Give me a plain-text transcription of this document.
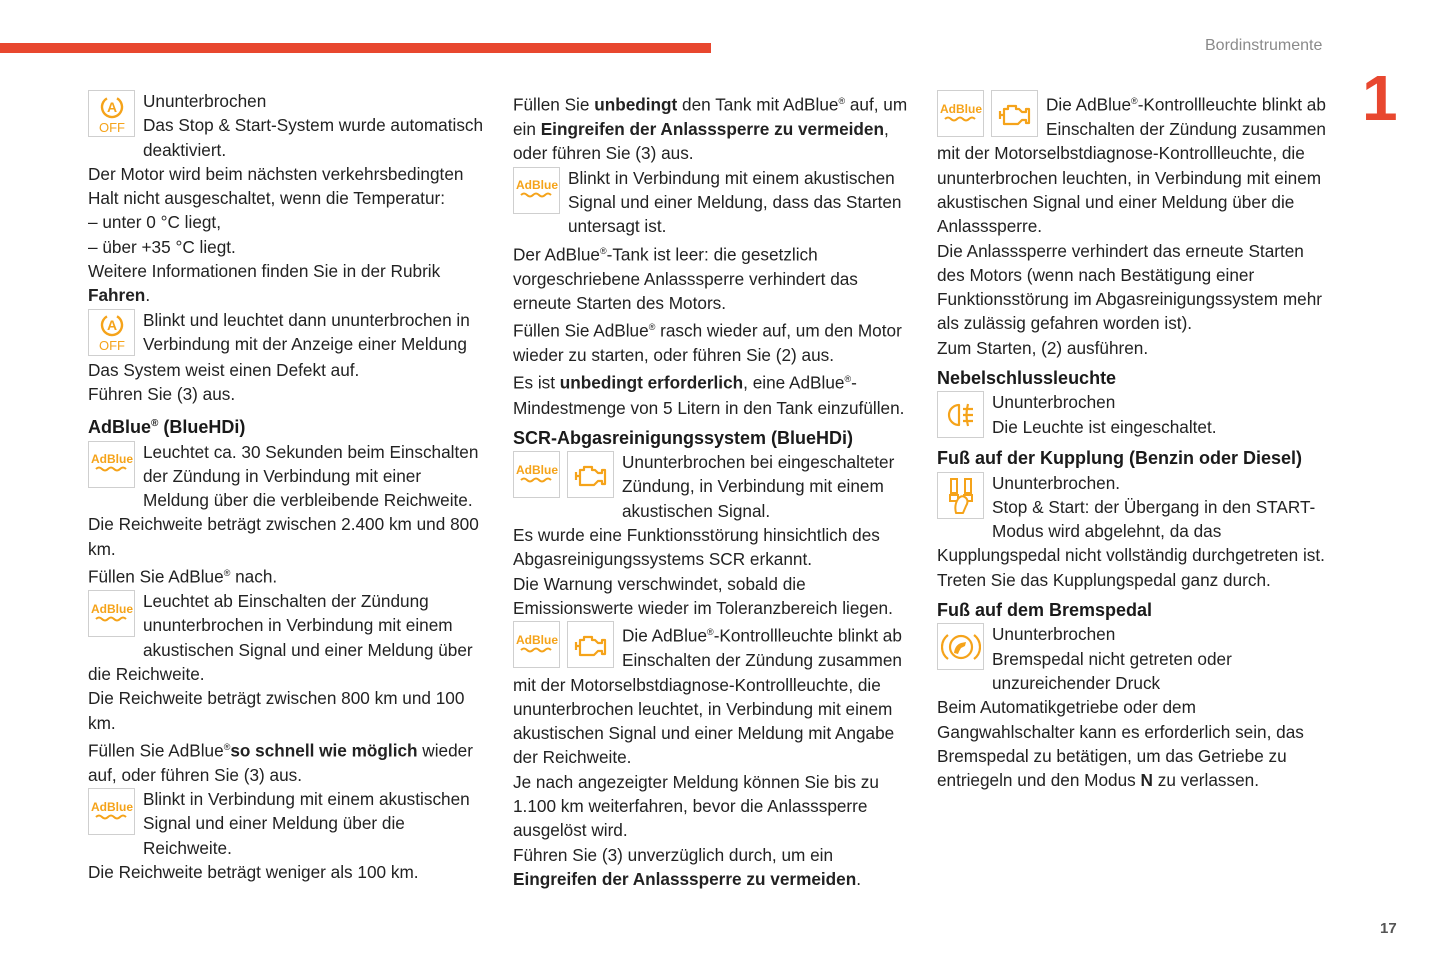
Bordinstrumente
1
17
A
OFF

Ununterbrochen

Das Stop & Start-System wurde automatisch deaktiviert.

Der Motor wird beim nächsten verkehrsbedingten Halt nicht ausgeschaltet, wenn die Temperatur:

– unter 0 °C liegt,

– über +35 °C liegt.

Weitere Informationen finden Sie in der Rubrik Fahren.

A
OFF

Blinkt und leuchtet dann ununterbrochen in Verbindung mit der Anzeige einer Meldung

Das System weist einen Defekt auf.

Führen Sie (3) aus.

AdBlue® (BlueHDi)
AdBlue Leuchtet ca. 30 Sekunden beim Einschalten der Zündung in Verbindung mit einer Meldung über die verbleibende Reichweite.

Die Reichweite beträgt zwischen 2.400 km und 800 km.

Füllen Sie AdBlue® nach.

AdBlue Leuchtet ab Einschalten der Zündung ununterbrochen in Verbindung mit einem akustischen Signal und einer Meldung über die Reichweite.

Die Reichweite beträgt zwischen 800 km und 100 km.

Füllen Sie AdBlue®so schnell wie möglich wieder auf, oder führen Sie (3) aus.

AdBlue Blinkt in Verbindung mit einem akustischen Signal und einer Meldung über die Reichweite.

Die Reichweite beträgt weniger als 100 km.

Füllen Sie unbedingt den Tank mit AdBlue® auf, um ein Eingreifen der Anlasssperre zu vermeiden, oder führen Sie (3) aus.

AdBlue Blinkt in Verbindung mit einem akustischen Signal und einer Meldung, dass das Starten untersagt ist.

Der AdBlue®-Tank ist leer: die gesetzlich vorgeschriebene Anlasssperre verhindert das erneute Starten des Motors.

Füllen Sie AdBlue® rasch wieder auf, um den Motor wieder zu starten, oder führen Sie (2) aus.

Es ist unbedingt erforderlich, eine AdBlue®-Mindestmenge von 5 Litern in den Tank einzufüllen.

SCR-Abgasreinigungssystem (BlueHDi)
AdBlue	Ununterbrochen bei eingeschalteter Zündung, in Verbindung mit einem akustischen Signal.

Es wurde eine Funktionsstörung hinsichtlich des Abgasreinigungssystems SCR erkannt.

Die Warnung verschwindet, sobald die Emissionswerte wieder im Toleranzbereich liegen.

AdBlue	Die AdBlue®-Kontrollleuchte blinkt ab Einschalten der Zündung zusammen mit der Motorselbstdiagnose-Kontrollleuchte, die ununterbrochen leuchtet, in Verbindung mit einem akustischen Signal und einer Meldung mit Angabe der Reichweite.

Je nach angezeigter Meldung können Sie bis zu 1.100 km weiterfahren, bevor die Anlasssperre ausgelöst wird.

Führen Sie (3) unverzüglich durch, um ein Eingreifen der Anlasssperre zu vermeiden.

AdBlue	Die AdBlue®-Kontrollleuchte blinkt ab Einschalten der Zündung zusammen mit der Motorselbstdiagnose-Kontrollleuchte, die ununterbrochen leuchten, in Verbindung mit einem akustischen Signal und einer Meldung über die Anlasssperre.

Die Anlasssperre verhindert das erneute Starten des Motors (wenn nach Bestätigung einer Funktionsstörung im Abgasreinigungssystem mehr als zulässig gefahren worden ist).

Zum Starten, (2) ausführen.

Nebelschlussleuchte

Ununterbrochen

Die Leuchte ist eingeschaltet.

Fuß auf der Kupplung (Benzin oder Diesel)

Ununterbrochen.

Stop & Start: der Übergang in den START-Modus wird abgelehnt, da das Kupplungspedal nicht vollständig durchgetreten ist.

Treten Sie das Kupplungspedal ganz durch.

Fuß auf dem Bremspedal

Ununterbrochen

Bremspedal nicht getreten oder unzureichender Druck

Beim Automatikgetriebe oder dem Gangwahlschalter kann es erforderlich sein, das Bremspedal zu betätigen, um das Getriebe zu entriegeln und den Modus N zu verlassen.
